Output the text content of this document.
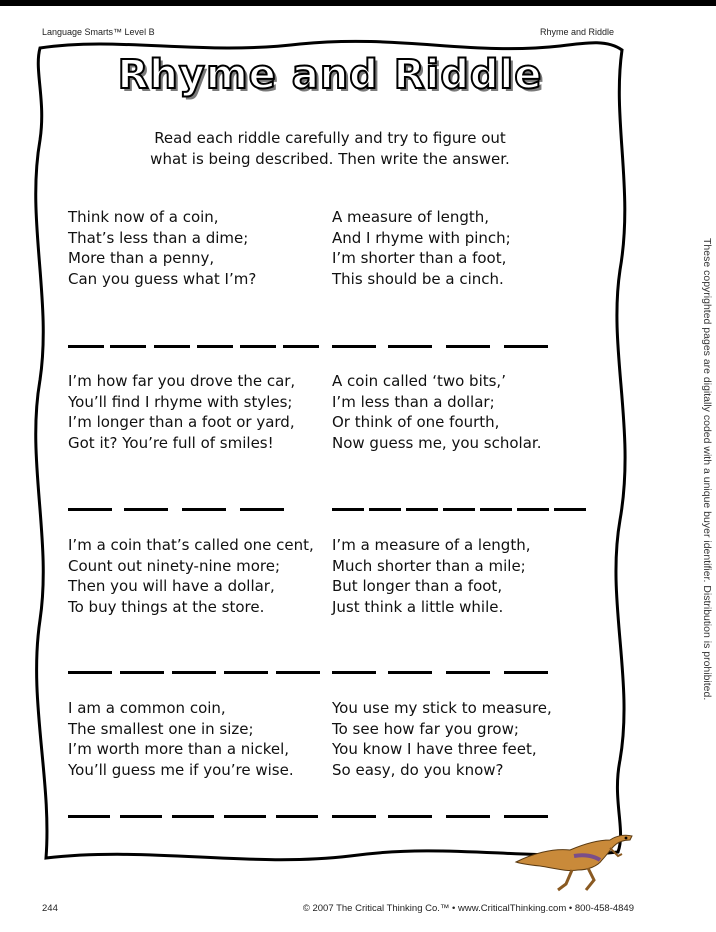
Language Smarts™ Level B	Rhyme and Riddle
Rhyme and Riddle
Read each riddle carefully and try to figure out
what is being described. Then write the answer.
Think now of a coin,
That’s less than a dime;
More than a penny,
Can you guess what I’m?
A measure of length,
And I rhyme with pinch;
I’m shorter than a foot,
This should be a cinch.
I’m how far you drove the car,
You’ll find I rhyme with styles;
I’m longer than a foot or yard,
Got it? You’re full of smiles!
A coin called ‘two bits,’
I’m less than a dollar;
Or think of one fourth,
Now guess me, you scholar.
I’m a coin that’s called one cent,
Count out ninety-nine more;
Then you will have a dollar,
To buy things at the store.
I’m a measure of a length,
Much shorter than a mile;
But longer than a foot,
Just think a little while.
I am a common coin,
The smallest one in size;
I’m worth more than a nickel,
You’ll guess me if you’re wise.
You use my stick to measure,
To see how far you grow;
You know I have three feet,
So easy, do you know?
These copyrighted pages are digitally coded with a unique buyer identifier. Distribution is prohibited.
244	© 2007 The Critical Thinking Co.™ • www.CriticalThinking.com • 800-458-4849
